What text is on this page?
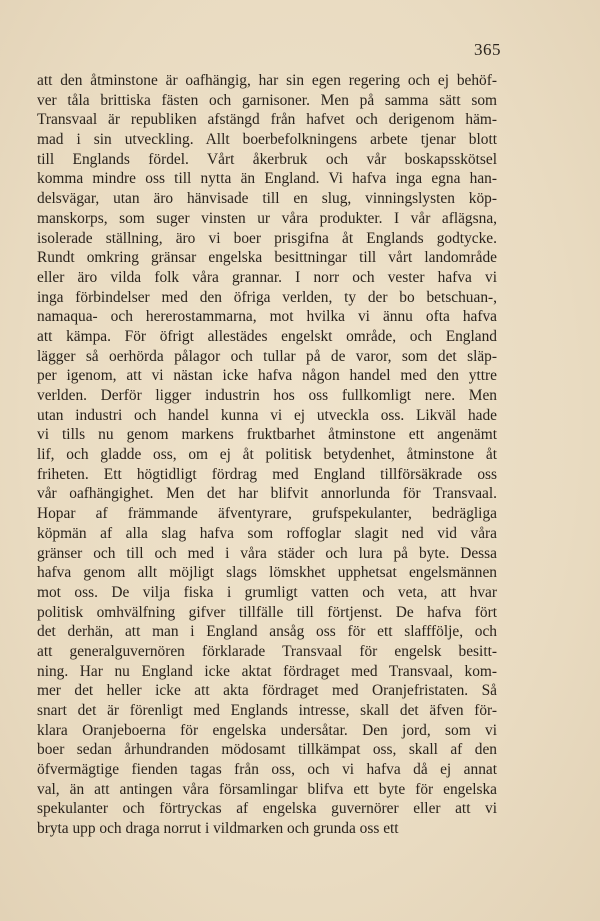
365
att den åtminstone är oafhängig, har sin egen regering och ej behöf-
ver tåla brittiska fästen och garnisoner. Men på samma sätt som
Transvaal är republiken afstängd från hafvet och derigenom häm-
mad i sin utveckling. Allt boerbefolkningens arbete tjenar blott
till Englands fördel. Vårt åkerbruk och vår boskapsskötsel
komma mindre oss till nytta än England. Vi hafva inga egna han-
delsvägar, utan äro hänvisade till en slug, vinningslysten köp-
manskorps, som suger vinsten ur våra produkter. I vår aflägsna,
isolerade ställning, äro vi boer prisgifna åt Englands godtycke.
Rundt omkring gränsar engelska besittningar till vårt landområde
eller äro vilda folk våra grannar. I norr och vester hafva vi
inga förbindelser med den öfriga verlden, ty der bo betschuan-,
namaqua- och hererostammarna, mot hvilka vi ännu ofta hafva
att kämpa. För öfrigt allestädes engelskt område, och England
lägger så oerhörda pålagor och tullar på de varor, som det släp-
per igenom, att vi nästan icke hafva någon handel med den yttre
verlden. Derför ligger industrin hos oss fullkomligt nere. Men
utan industri och handel kunna vi ej utveckla oss. Likväl hade
vi tills nu genom markens fruktbarhet åtminstone ett angenämt
lif, och gladde oss, om ej åt politisk betydenhet, åtminstone åt
friheten. Ett högtidligt fördrag med England tillförsäkrade oss
vår oafhängighet. Men det har blifvit annorlunda för Transvaal.
Hopar af främmande äfventyrare, grufspekulanter, bedrägliga
köpmän af alla slag hafva som roffoglar slagit ned vid våra
gränser och till och med i våra städer och lura på byte. Dessa
hafva genom allt möjligt slags lömskhet upphetsat engelsmännen
mot oss. De vilja fiska i grumligt vatten och veta, att hvar
politisk omhvälfning gifver tillfälle till förtjenst. De hafva fört
det derhän, att man i England ansåg oss för ett slafffölje, och
att generalguvernören förklarade Transvaal för engelsk besitt-
ning. Har nu England icke aktat fördraget med Transvaal, kom-
mer det heller icke att akta fördraget med Oranjefristaten. Så
snart det är förenligt med Englands intresse, skall det äfven för-
klara Oranjeboerna för engelska undersåtar. Den jord, som vi
boer sedan århundranden mödosamt tillkämpat oss, skall af den
öfvermägtige fienden tagas från oss, och vi hafva då ej annat
val, än att antingen våra församlingar blifva ett byte för engelska
spekulanter och förtryckas af engelska guvernörer eller att vi
bryta upp och draga norrut i vildmarken och grunda oss ett
